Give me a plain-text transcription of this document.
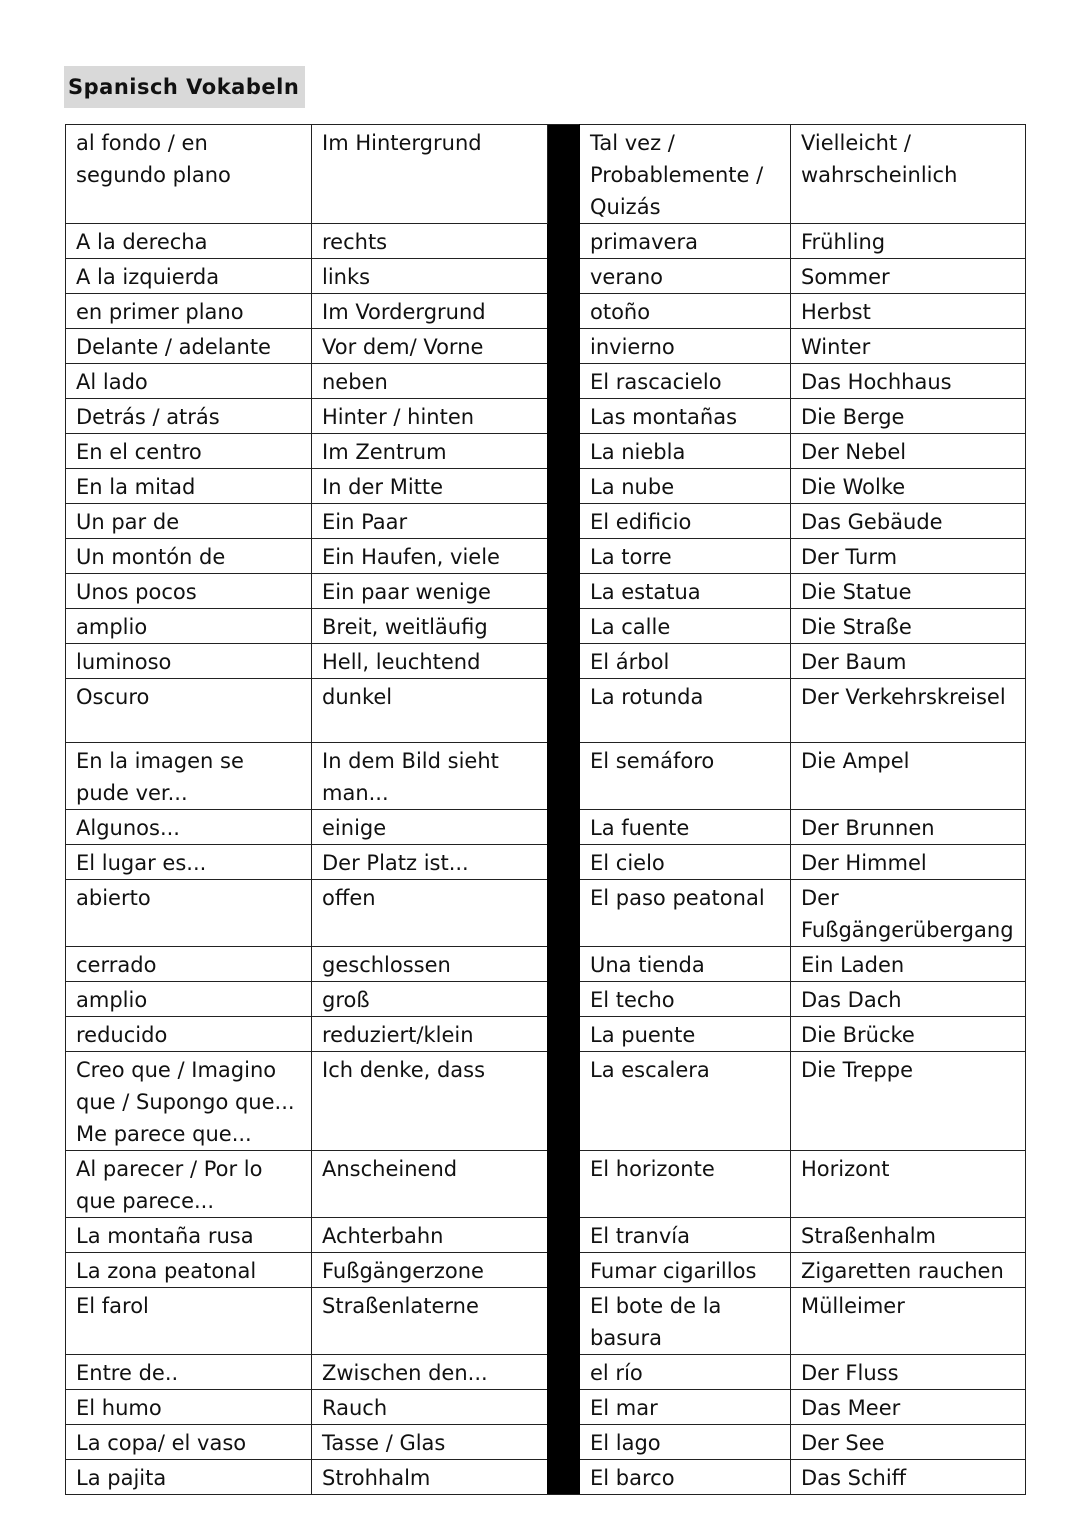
Spanisch Vokabeln
al fondo / en segundo plano	Im Hintergrund		Tal vez / Probablemente / Quizás	Vielleicht / wahrscheinlich
A la derecha	rechts		primavera	Frühling
A la izquierda	links		verano	Sommer
en primer plano	Im Vordergrund		otoño	Herbst
Delante / adelante	Vor dem/ Vorne		invierno	Winter
Al lado	neben		El rascacielo	Das Hochhaus
Detrás / atrás	Hinter / hinten		Las montañas	Die Berge
En el centro	Im Zentrum		La niebla	Der Nebel
En la mitad	In der Mitte		La nube	Die Wolke
Un par de	Ein Paar		El edificio	Das Gebäude
Un montón de	Ein Haufen, viele		La torre	Der Turm
Unos pocos	Ein paar wenige		La estatua	Die Statue
amplio	Breit, weitläufig		La calle	Die Straße
luminoso	Hell, leuchtend		El árbol	Der Baum
Oscuro	dunkel		La rotunda	Der Verkehrskreisel
En la imagen se pude ver...	In dem Bild sieht man...		El semáforo	Die Ampel
Algunos...	einige		La fuente	Der Brunnen
El lugar es...	Der Platz ist...		El cielo	Der Himmel
abierto	offen		El paso peatonal	Der Fußgängerübergang
cerrado	geschlossen		Una tienda	Ein Laden
amplio	groß		El techo	Das Dach
reducido	reduziert/klein		La puente	Die Brücke
Creo que / Imagino que / Supongo que... Me parece que...	Ich denke, dass		La escalera	Die Treppe
Al parecer / Por lo que parece...	Anscheinend		El horizonte	Horizont
La montaña rusa	Achterbahn		El tranvía	Straßenhalm
La zona peatonal	Fußgängerzone		Fumar cigarillos	Zigaretten rauchen
El farol	Straßenlaterne		El bote de la basura	Mülleimer
Entre de..	Zwischen den...		el río	Der Fluss
El humo	Rauch		El mar	Das Meer
La copa/ el vaso	Tasse / Glas		El lago	Der See
La pajita	Strohhalm		El barco	Das Schiff
